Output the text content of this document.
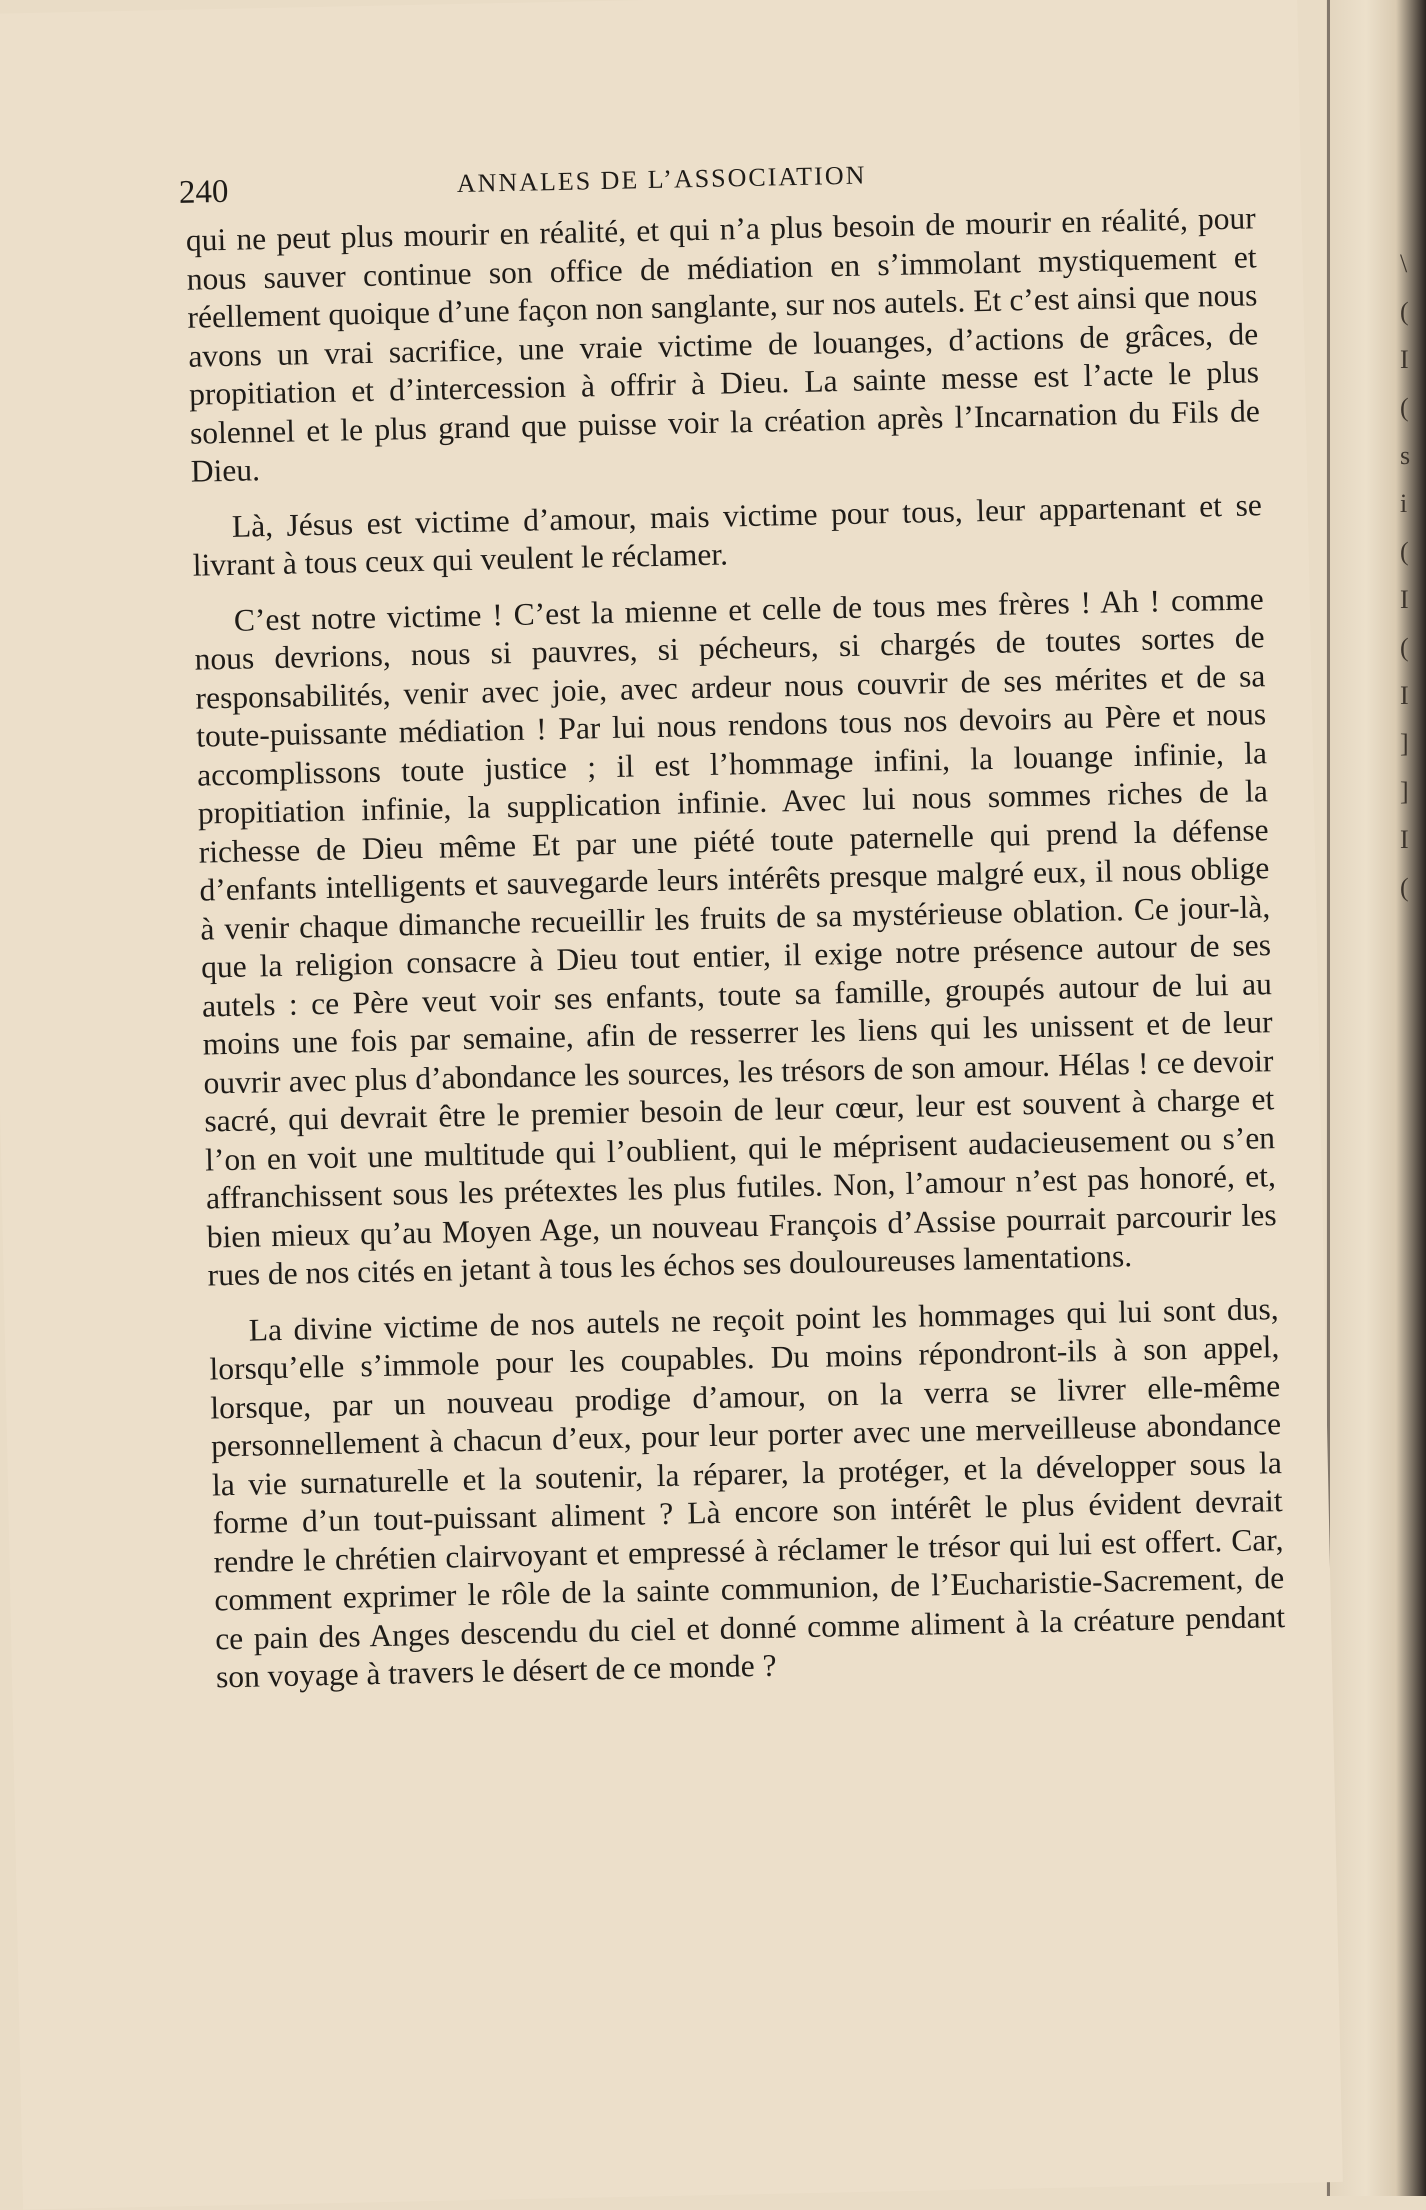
\ ( I ( s i ( I ( I ] ] I (
240	ANNALES DE L’ASSOCIATION

qui ne peut plus mourir en réalité, et qui n’a plus besoin de mourir en réalité, pour nous sauver continue son office de médiation en s’immolant mystiquement et réellement quoique d’une façon non sanglante, sur nos autels. Et c’est ainsi que nous avons un vrai sacrifice, une vraie victime de louanges, d’actions de grâces, de propitiation et d’intercession à offrir à Dieu. La sainte messe est l’acte le plus solennel et le plus grand que puisse voir la création après l’Incarnation du Fils de Dieu.

Là, Jésus est victime d’amour, mais victime pour tous, leur appartenant et se livrant à tous ceux qui veulent le réclamer.

C’est notre victime ! C’est la mienne et celle de tous mes frères ! Ah ! comme nous devrions, nous si pauvres, si pécheurs, si chargés de toutes sortes de responsabilités, venir avec joie, avec ardeur nous couvrir de ses mérites et de sa toute-puissante médiation ! Par lui nous rendons tous nos devoirs au Père et nous accomplissons toute justice ; il est l’hommage infini, la louange infinie, la propitiation infinie, la supplication infinie. Avec lui nous sommes riches de la richesse de Dieu même Et par une piété toute paternelle qui prend la défense d’enfants intelligents et sauvegarde leurs intérêts presque malgré eux, il nous oblige à venir chaque dimanche recueillir les fruits de sa mystérieuse oblation. Ce jour-là, que la religion consacre à Dieu tout entier, il exige notre présence autour de ses autels : ce Père veut voir ses enfants, toute sa famille, groupés autour de lui au moins une fois par semaine, afin de resserrer les liens qui les unissent et de leur ouvrir avec plus d’abondance les sources, les trésors de son amour. Hélas ! ce devoir sacré, qui devrait être le premier besoin de leur cœur, leur est souvent à charge et l’on en voit une multitude qui l’oublient, qui le méprisent audacieusement ou s’en affranchissent sous les prétextes les plus futiles. Non, l’amour n’est pas honoré, et, bien mieux qu’au Moyen Age, un nouveau François d’Assise pourrait parcourir les rues de nos cités en jetant à tous les échos ses douloureuses lamentations.

La divine victime de nos autels ne reçoit point les hommages qui lui sont dus, lorsqu’elle s’immole pour les coupables. Du moins répondront-ils à son appel, lorsque, par un nouveau prodige d’amour, on la verra se livrer elle-même personnellement à chacun d’eux, pour leur porter avec une merveilleuse abondance la vie surnaturelle et la soutenir, la réparer, la protéger, et la développer sous la forme d’un tout-puissant aliment ? Là encore son intérêt le plus évident devrait rendre le chrétien clairvoyant et empressé à réclamer le trésor qui lui est offert. Car, comment exprimer le rôle de la sainte communion, de l’Eucharistie-Sacrement, de ce pain des Anges descendu du ciel et donné comme aliment à la créature pendant son voyage à travers le désert de ce monde ?
